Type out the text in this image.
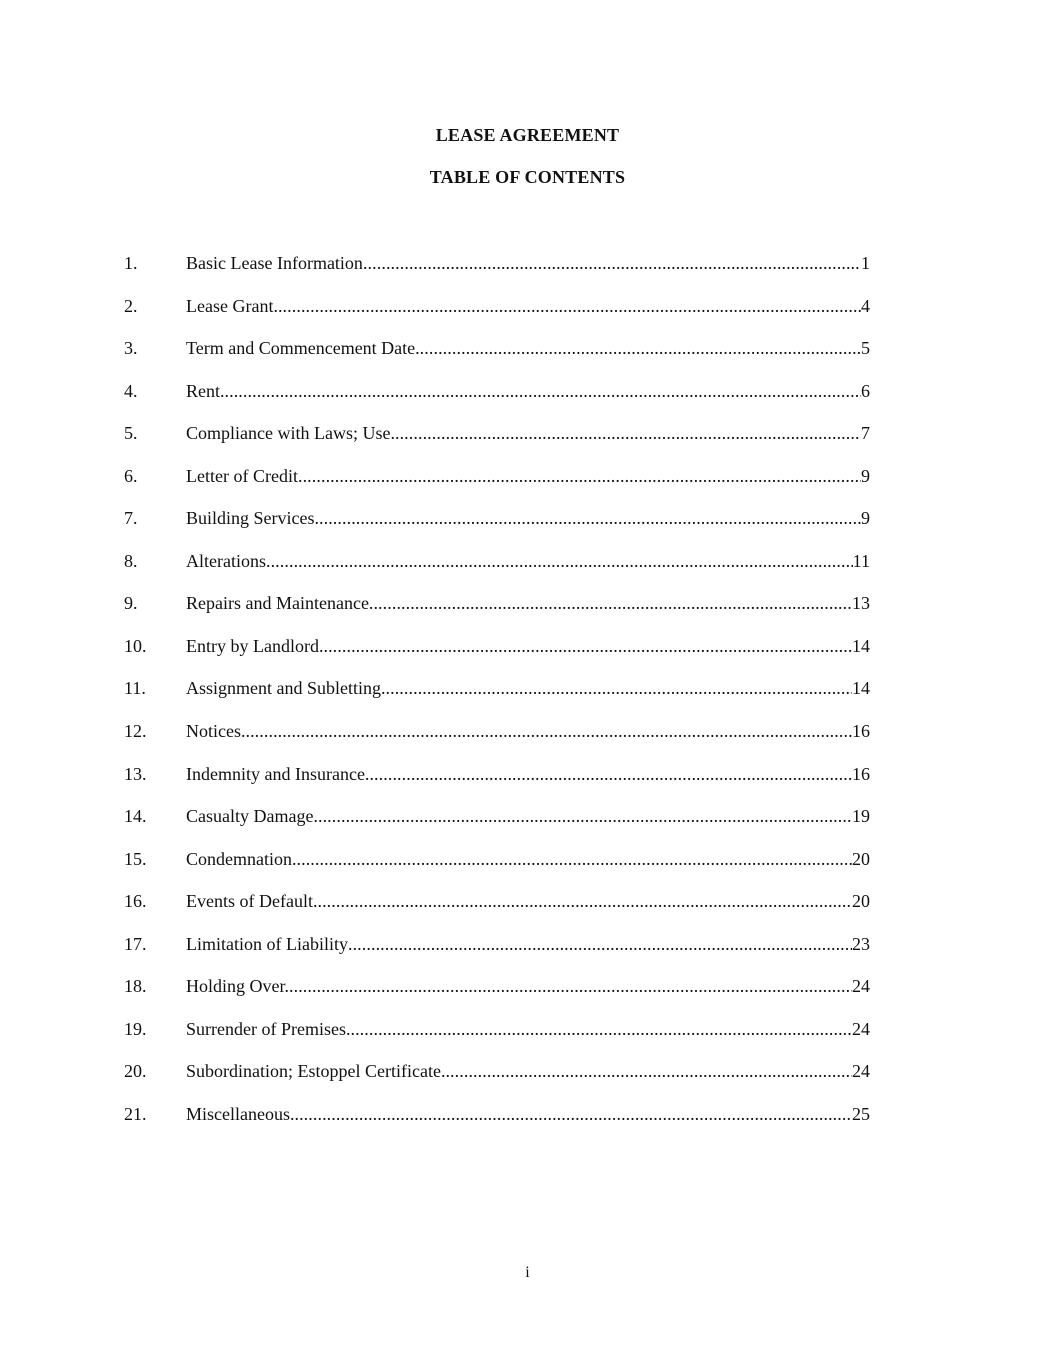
LEASE AGREEMENT
TABLE OF CONTENTS
1.	Basic Lease Information . . .	1
2.	Lease Grant. . . .	4
3.	Term and Commencement Date. . . .	5
4.	Rent. . . .	6
5.	Compliance with Laws; Use. . . .	7
6.	Letter of Credit . . .	9
7.	Building Services. . . .	9
8.	Alterations . . .	11
9.	Repairs and Maintenance. . . .	13
10.	Entry by Landlord. . . .	14
11.	Assignment and Subletting. . . .	14
12.	Notices. . . .	16
13.	Indemnity and Insurance. . . .	16
14.	Casualty Damage. . . .	19
15.	Condemnation. . . .	20
16.	Events of Default. . . .	20
17.	Limitation of Liability . . .	23
18.	Holding Over. . . .	24
19.	Surrender of Premises. . . .	24
20.	Subordination; Estoppel Certificate. . . .	24
21.	Miscellaneous. . . .	25
i
